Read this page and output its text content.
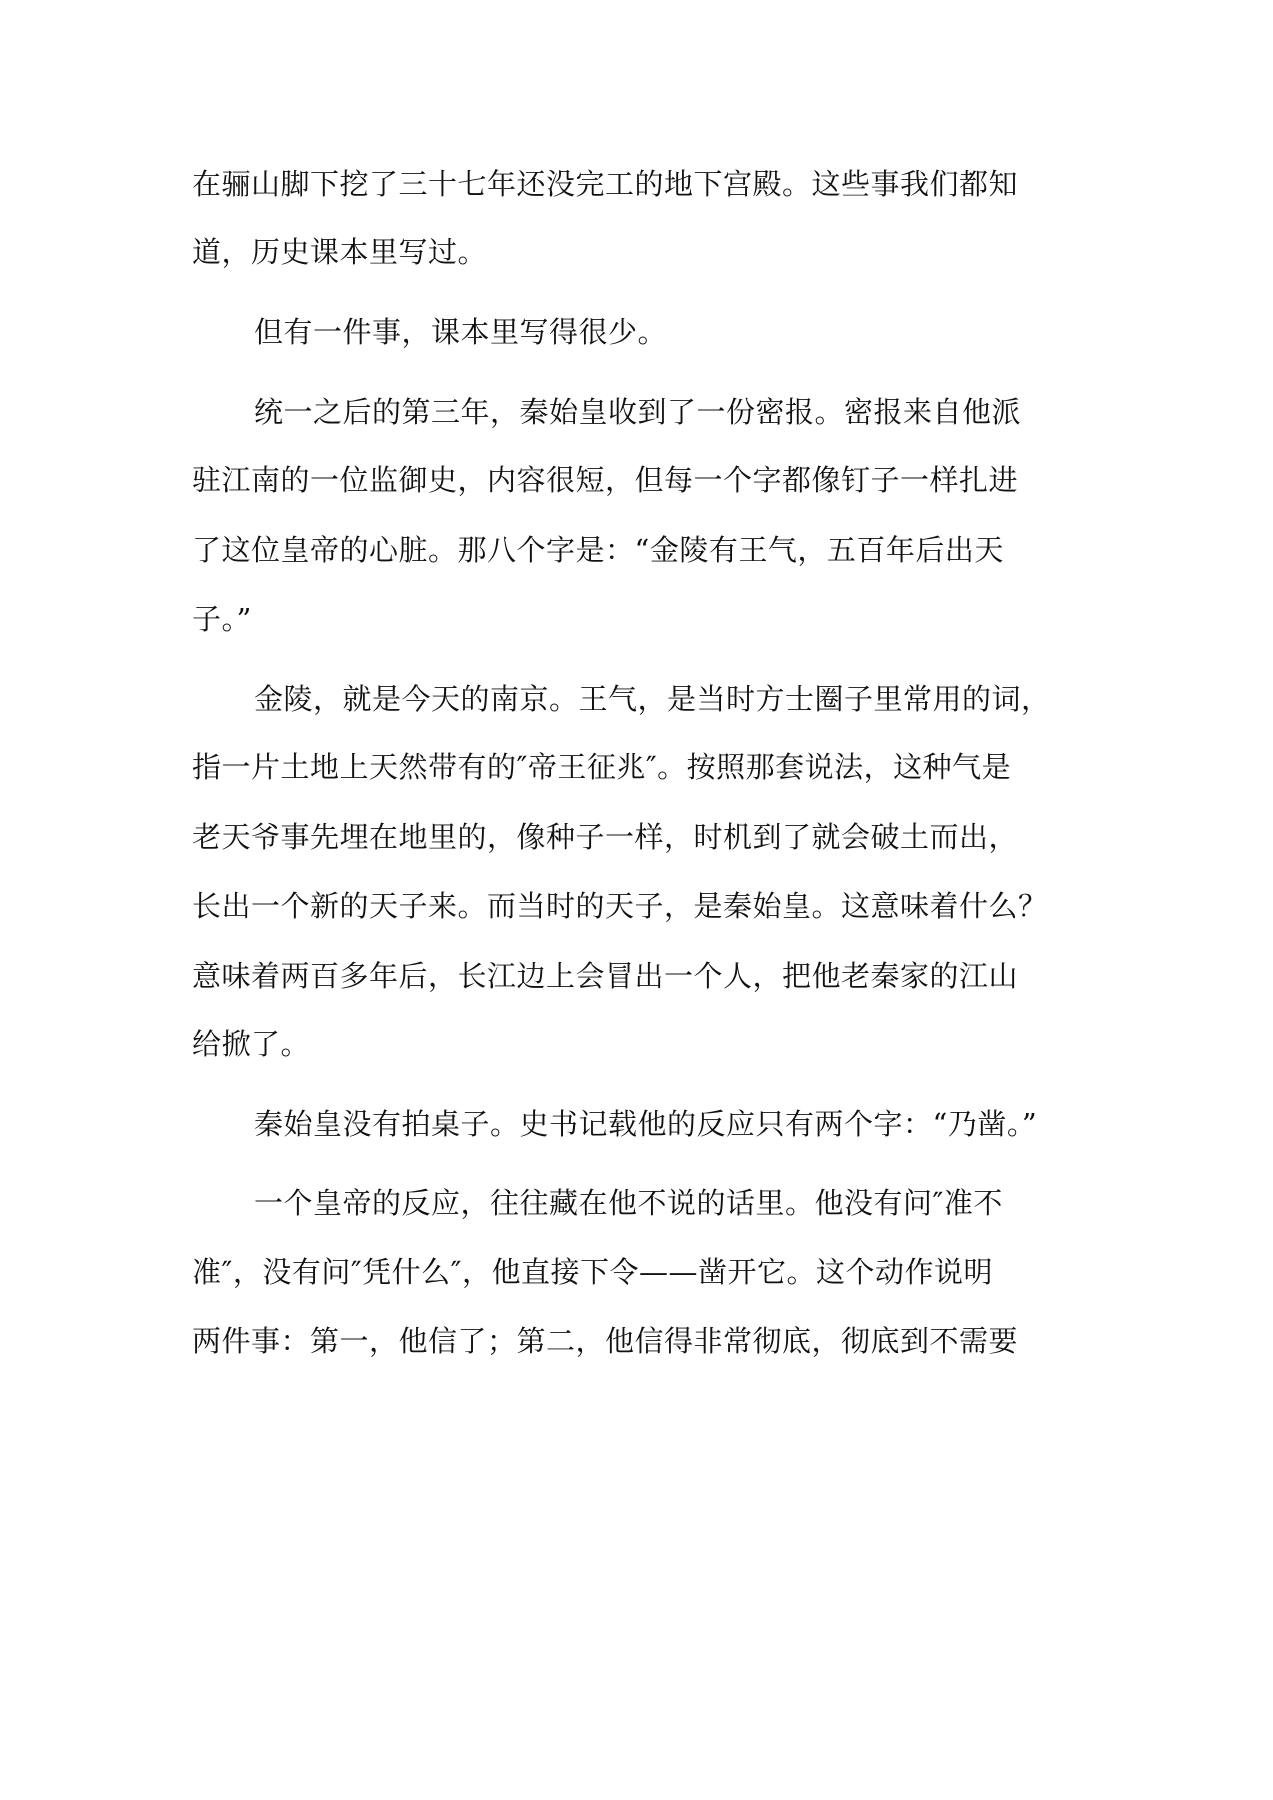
在骊山脚下挖了三十七年还没完工的地下宫殿。这些事我们都知
道，历史课本里写过。
但有一件事，课本里写得很少。
统一之后的第三年，秦始皇收到了一份密报。密报来自他派
驻江南的一位监御史，内容很短，但每一个字都像钉子一样扎进
了这位皇帝的心脏。那八个字是：“金陵有王气，五百年后出天
子。”
金陵，就是今天的南京。王气，是当时方士圈子里常用的词，
指一片土地上天然带有的″帝王征兆″。按照那套说法，这种气是
老天爷事先埋在地里的，像种子一样，时机到了就会破土而出，
长出一个新的天子来。而当时的天子，是秦始皇。这意味着什么？
意味着两百多年后，长江边上会冒出一个人，把他老秦家的江山
给掀了。
秦始皇没有拍桌子。史书记载他的反应只有两个字：“乃凿。”
一个皇帝的反应，往往藏在他不说的话里。他没有问″准不
准″，没有问″凭什么″，他直接下令——凿开它。这个动作说明
两件事：第一，他信了；第二，他信得非常彻底，彻底到不需要
